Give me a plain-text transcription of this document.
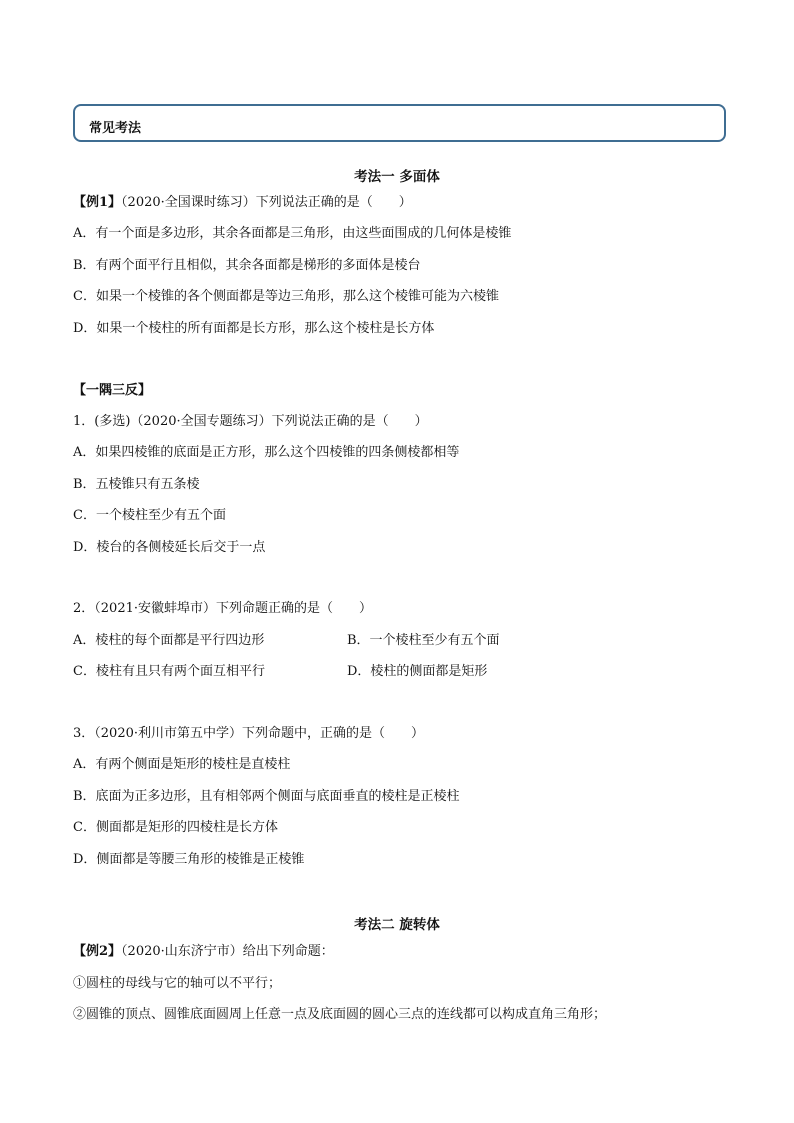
常见考法
考法一 多面体
【例1】（2020·全国课时练习）下列说法正确的是（　　）
A．有一个面是多边形，其余各面都是三角形，由这些面围成的几何体是棱锥
B．有两个面平行且相似，其余各面都是梯形的多面体是棱台
C．如果一个棱锥的各个侧面都是等边三角形，那么这个棱锥可能为六棱锥
D．如果一个棱柱的所有面都是长方形，那么这个棱柱是长方体
【一隅三反】
1．(多选)（2020·全国专题练习）下列说法正确的是（　　）
A．如果四棱锥的底面是正方形，那么这个四棱锥的四条侧棱都相等
B．五棱锥只有五条棱
C．一个棱柱至少有五个面
D．棱台的各侧棱延长后交于一点
2．（2021·安徽蚌埠市）下列命题正确的是（　　）
A．棱柱的每个面都是平行四边形	B．一个棱柱至少有五个面
C．棱柱有且只有两个面互相平行	D．棱柱的侧面都是矩形
3．（2020·利川市第五中学）下列命题中，正确的是（　　）
A．有两个侧面是矩形的棱柱是直棱柱
B．底面为正多边形，且有相邻两个侧面与底面垂直的棱柱是正棱柱
C．侧面都是矩形的四棱柱是长方体
D．侧面都是等腰三角形的棱锥是正棱锥
考法二 旋转体
【例2】（2020·山东济宁市）给出下列命题：
①圆柱的母线与它的轴可以不平行；
②圆锥的顶点、圆锥底面圆周上任意一点及底面圆的圆心三点的连线都可以构成直角三角形；
